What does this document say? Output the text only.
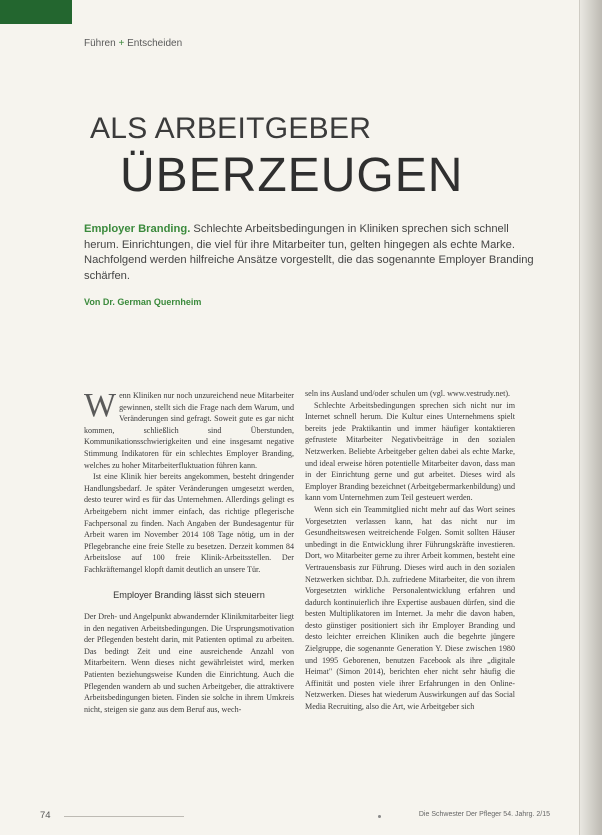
Führen + Entscheiden
ALS ARBEITGEBER
ÜBERZEUGEN
Employer Branding. Schlechte Arbeitsbedingungen in Kliniken sprechen sich schnell herum. Einrichtungen, die viel für ihre Mitarbeiter tun, gelten hingegen als echte Marke. Nachfolgend werden hilfreiche Ansätze vorgestellt, die das sogenannte Employer Branding schärfen.
Von Dr. German Quernheim

Wenn Kliniken nur noch unzureichend neue Mitarbeiter gewinnen, stellt sich die Frage nach dem Warum, und Veränderungen sind gefragt. Soweit gute es gar nicht kommen, schließlich sind Überstunden, Kommunikationsschwierigkeiten und eine insgesamt negative Stimmung Indikatoren für ein schlechtes Employer Branding, welches zu hoher Mitarbeiterfluktuation führen kann.

Ist eine Klinik hier bereits angekommen, besteht dringender Handlungsbedarf. Je später Veränderungen umgesetzt werden, desto teurer wird es für das Unternehmen. Allerdings gelingt es Arbeitgebern nicht immer einfach, das richtige pflegerische Fachpersonal zu finden. Nach Angaben der Bundesagentur für Arbeit waren im November 2014 108 Tage nötig, um in der Pflegebranche eine freie Stelle zu besetzen. Derzeit kommen 84 Arbeitslose auf 100 freie Klinik-Arbeitsstellen. Der Fachkräftemangel klopft damit deutlich an unsere Tür.

Employer Branding lässt sich steuern

Der Dreh- und Angelpunkt abwandernder Klinikmitarbeiter liegt in den negativen Arbeitsbedingungen. Die Ursprungsmotivation der Pflegenden besteht darin, mit Patienten optimal zu arbeiten. Das bedingt Zeit und eine ausreichende Anzahl von Mitarbeitern. Wenn dieses nicht gewährleistet wird, merken Patienten beziehungsweise Kunden die Einrichtung. Auch die Pflegenden wandern ab und suchen Arbeitgeber, die attraktivere Arbeitsbedingungen bieten. Finden sie solche in ihrem Umkreis nicht, steigen sie ganz aus dem Beruf aus, wech-

seln ins Ausland und/oder schulen um (vgl. www.vestrudy.net).

Schlechte Arbeitsbedingungen sprechen sich nicht nur im Internet schnell herum. Die Kultur eines Unternehmens spielt bereits jede Praktikantin und immer häufiger kontaktieren gefrustete Mitarbeiter Negativbeiträge in den sozialen Netzwerken. Beliebte Arbeitgeber gelten dabei als echte Marke, und ideal erweise hören potentielle Mitarbeiter davon, dass man in der Einrichtung gerne und gut arbeitet. Dieses wird als Employer Branding bezeichnet (Arbeitgebermarkenbildung) und kann vom Unternehmen zum Teil gesteuert werden.

Wenn sich ein Teammitglied nicht mehr auf das Wort seines Vorgesetzten verlassen kann, hat das nicht nur im Gesundheitswesen weitreichende Folgen. Somit sollten Häuser unbedingt in die Entwicklung ihrer Führungskräfte investieren. Dort, wo Mitarbeiter gerne zu ihrer Arbeit kommen, besteht eine Vertrauensbasis zur Führung. Dieses wird auch in den sozialen Netzwerken sichtbar. D.h. zufriedene Mitarbeiter, die von ihrem Vorgesetzten wirkliche Personalentwicklung erfahren und dadurch kontinuierlich ihre Expertise ausbauen dürfen, sind die besten Multiplikatoren im Internet. Ja mehr die davon haben, desto günstiger positioniert sich ihr Employer Branding und desto leichter erreichen Kliniken auch die begehrte jüngere Zielgruppe, die sogenannte Generation Y. Diese zwischen 1980 und 1995 Geborenen, benutzen Facebook als ihre „digitale Heimat" (Simon 2014), berichten eher nicht sehr häufig die Affinität und posten viele ihrer Erfahrungen in den Online-Netzwerken. Dieses hat wiederum Auswirkungen auf das Social Media Recruiting, also die Art, wie Arbeitgeber sich

74	Die Schwester Der Pfleger 54. Jahrg. 2/15
